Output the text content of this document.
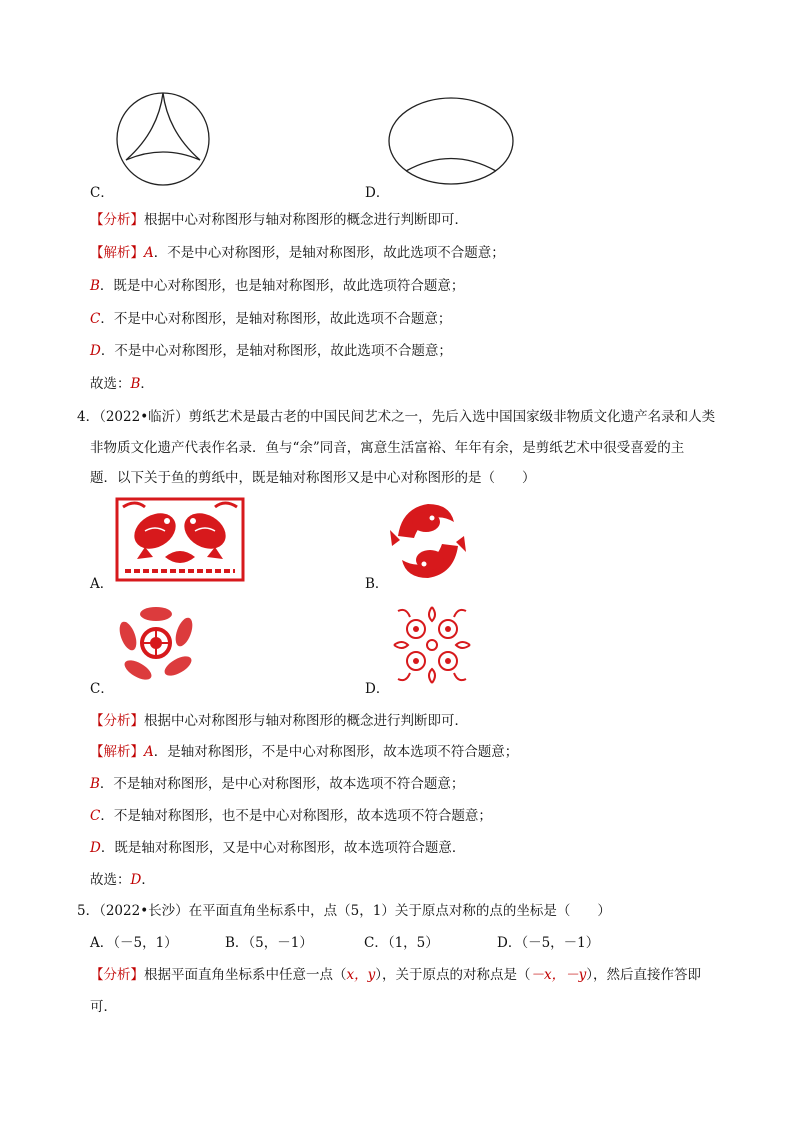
C．	D．
【分析】根据中心对称图形与轴对称图形的概念进行判断即可．
【解析】A．不是中心对称图形，是轴对称图形，故此选项不合题意；
B．既是中心对称图形，也是轴对称图形，故此选项符合题意；
C．不是中心对称图形，是轴对称图形，故此选项不合题意；
D．不是中心对称图形，是轴对称图形，故此选项不合题意；
故选：B．
4．（2022•临沂）剪纸艺术是最古老的中国民间艺术之一，先后入选中国国家级非物质文化遗产名录和人类
非物质文化遗产代表作名录．鱼与“余”同音，寓意生活富裕、年年有余，是剪纸艺术中很受喜爱的主
题．以下关于鱼的剪纸中，既是轴对称图形又是中心对称图形的是（　　）
A．	B．
C．	D．
【分析】根据中心对称图形与轴对称图形的概念进行判断即可．
【解析】A．是轴对称图形，不是中心对称图形，故本选项不符合题意；
B．不是轴对称图形，是中心对称图形，故本选项不符合题意；
C．不是轴对称图形，也不是中心对称图形，故本选项不符合题意；
D．既是轴对称图形，又是中心对称图形，故本选项符合题意．
故选：D．
5．（2022•长沙）在平面直角坐标系中，点（5，1）关于原点对称的点的坐标是（　　）
A．（－5，1）	B．（5，－1）	C．（1，5）	D．（－5，－1）
【分析】根据平面直角坐标系中任意一点（x，y），关于原点的对称点是（－x，－y），然后直接作答即
可．
